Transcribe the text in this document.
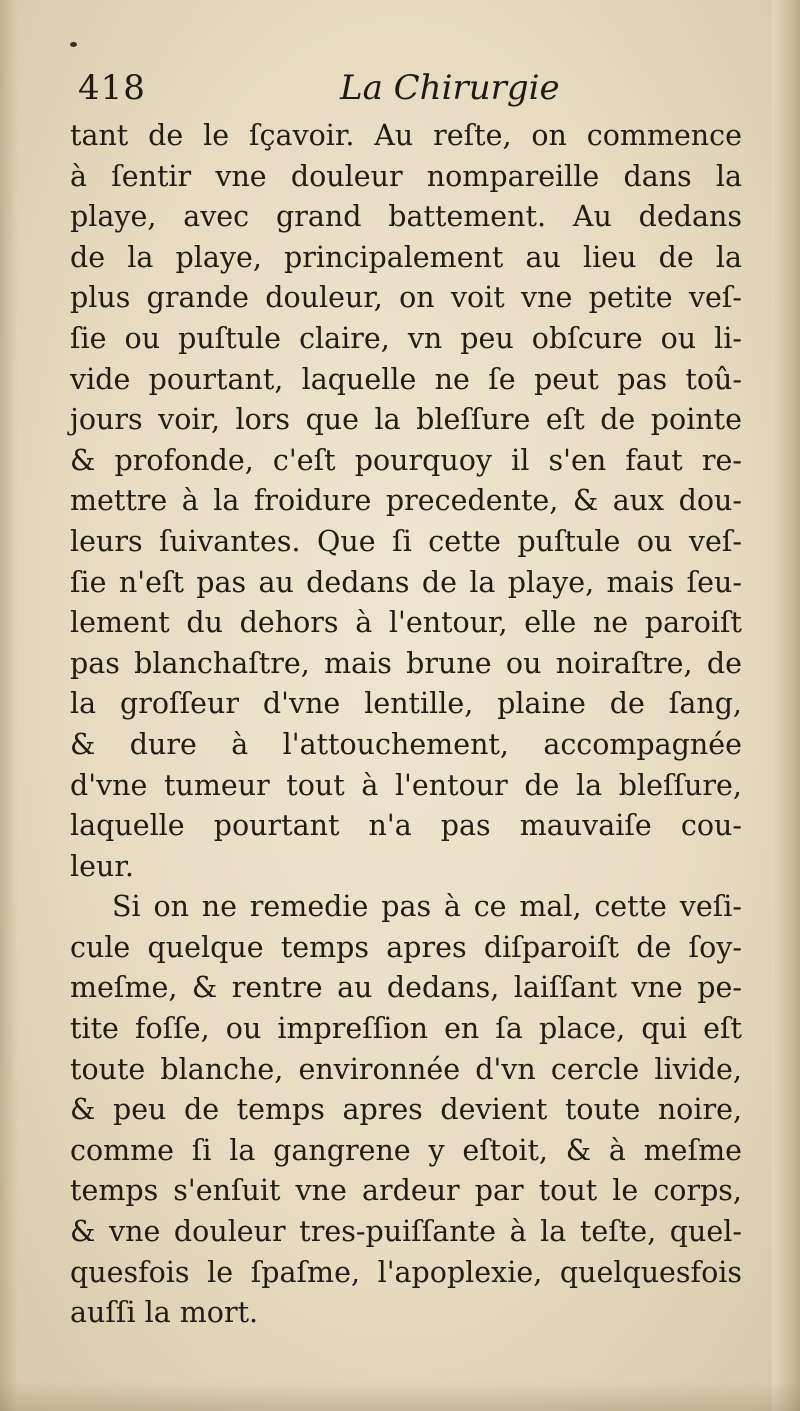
418	La Chirurgie
tant de le ſçavoir. Au reſte, on commence
à ſentir vne douleur nompareille dans la
playe, avec grand battement. Au dedans
de la playe, principalement au lieu de la
plus grande douleur, on voit vne petite veſ-
ſie ou puſtule claire, vn peu obſcure ou li-
vide pourtant, laquelle ne ſe peut pas toû-
jours voir, lors que la bleſſure eſt de pointe
& profonde, c'eſt pourquoy il s'en faut re-
mettre à la froidure precedente, & aux dou-
leurs ſuivantes. Que ſi cette puſtule ou veſ-
ſie n'eſt pas au dedans de la playe, mais ſeu-
lement du dehors à l'entour, elle ne paroiſt
pas blanchaſtre, mais brune ou noiraſtre, de
la groſſeur d'vne lentille, plaine de ſang,
& dure à l'attouchement, accompagnée
d'vne tumeur tout à l'entour de la bleſſure,
laquelle pourtant n'a pas mauvaiſe cou-
leur.
Si on ne remedie pas à ce mal, cette veſi-
cule quelque temps apres diſparoiſt de ſoy-
meſme, & rentre au dedans, laiſſant vne pe-
tite foſſe, ou impreſſion en ſa place, qui eſt
toute blanche, environnée d'vn cercle livide,
& peu de temps apres devient toute noire,
comme ſi la gangrene y eſtoit, & à meſme
temps s'enſuit vne ardeur par tout le corps,
& vne douleur tres-puiſſante à la teſte, quel-
quesfois le ſpaſme, l'apoplexie, quelquesfois
auſſi la mort.
